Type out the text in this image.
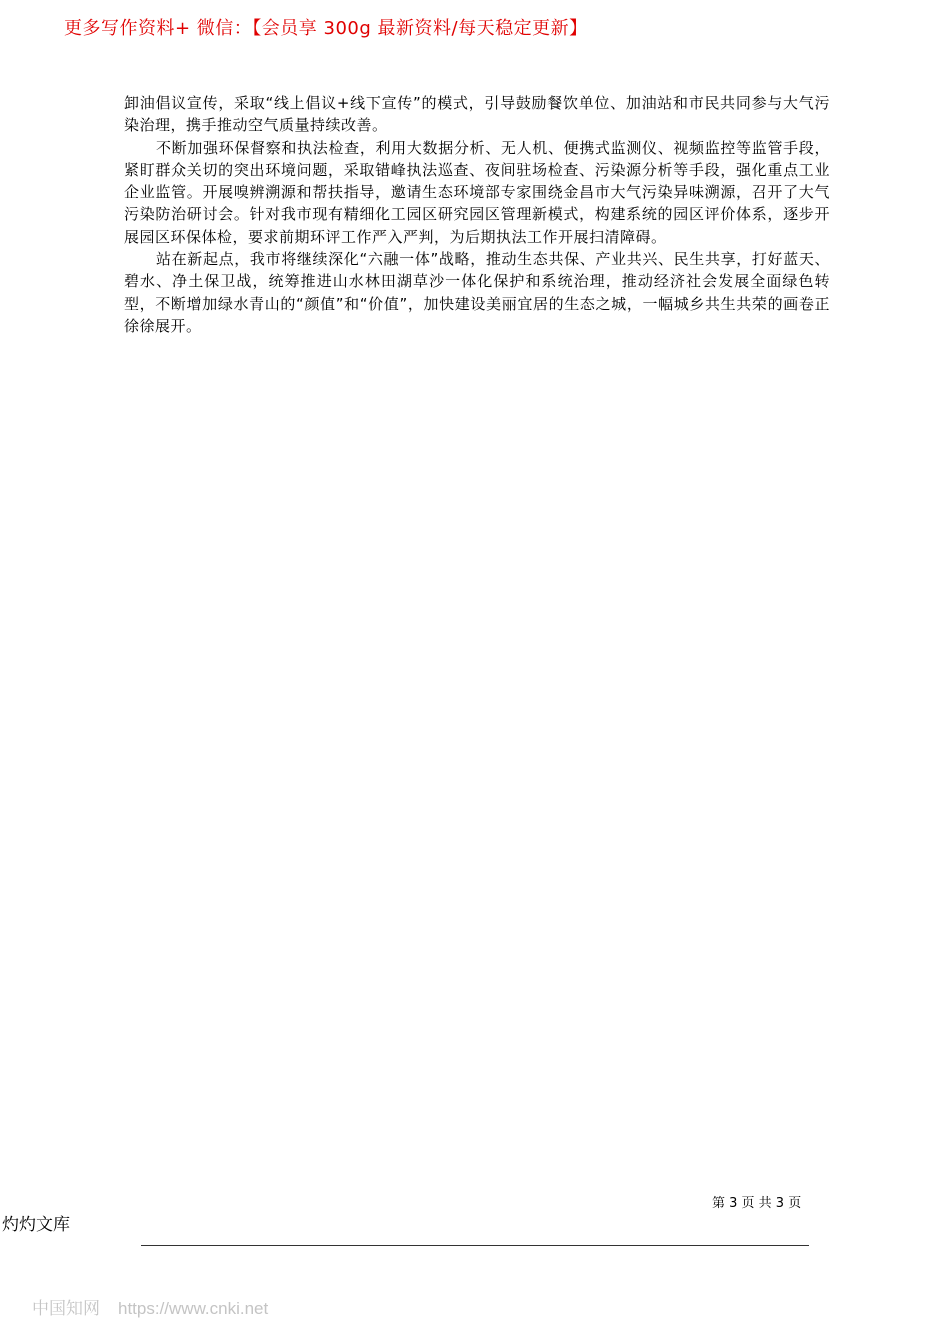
更多写作资料+ 微信：【会员享 300g 最新资料/每天稳定更新】

卸油倡议宣传，采取“线上倡议+线下宣传”的模式，引导鼓励餐饮单位、加油站和市民共同参与大气污染治理，携手推动空气质量持续改善。

不断加强环保督察和执法检查，利用大数据分析、无人机、便携式监测仪、视频监控等监管手段，紧盯群众关切的突出环境问题，采取错峰执法巡查、夜间驻场检查、污染源分析等手段，强化重点工业企业监管。开展嗅辨溯源和帮扶指导，邀请生态环境部专家围绕金昌市大气污染异味溯源，召开了大气污染防治研讨会。针对我市现有精细化工园区研究园区管理新模式，构建系统的园区评价体系，逐步开展园区环保体检，要求前期环评工作严入严判，为后期执法工作开展扫清障碍。

站在新起点，我市将继续深化“六融一体”战略，推动生态共保、产业共兴、民生共享，打好蓝天、碧水、净土保卫战，统筹推进山水林田湖草沙一体化保护和系统治理，推动经济社会发展全面绿色转型，不断增加绿水青山的“颜值”和“价值”，加快建设美丽宜居的生态之城，一幅城乡共生共荣的画卷正徐徐展开。

第 3 页 共 3 页
灼灼文库
中国知网 https://www.cnki.net
